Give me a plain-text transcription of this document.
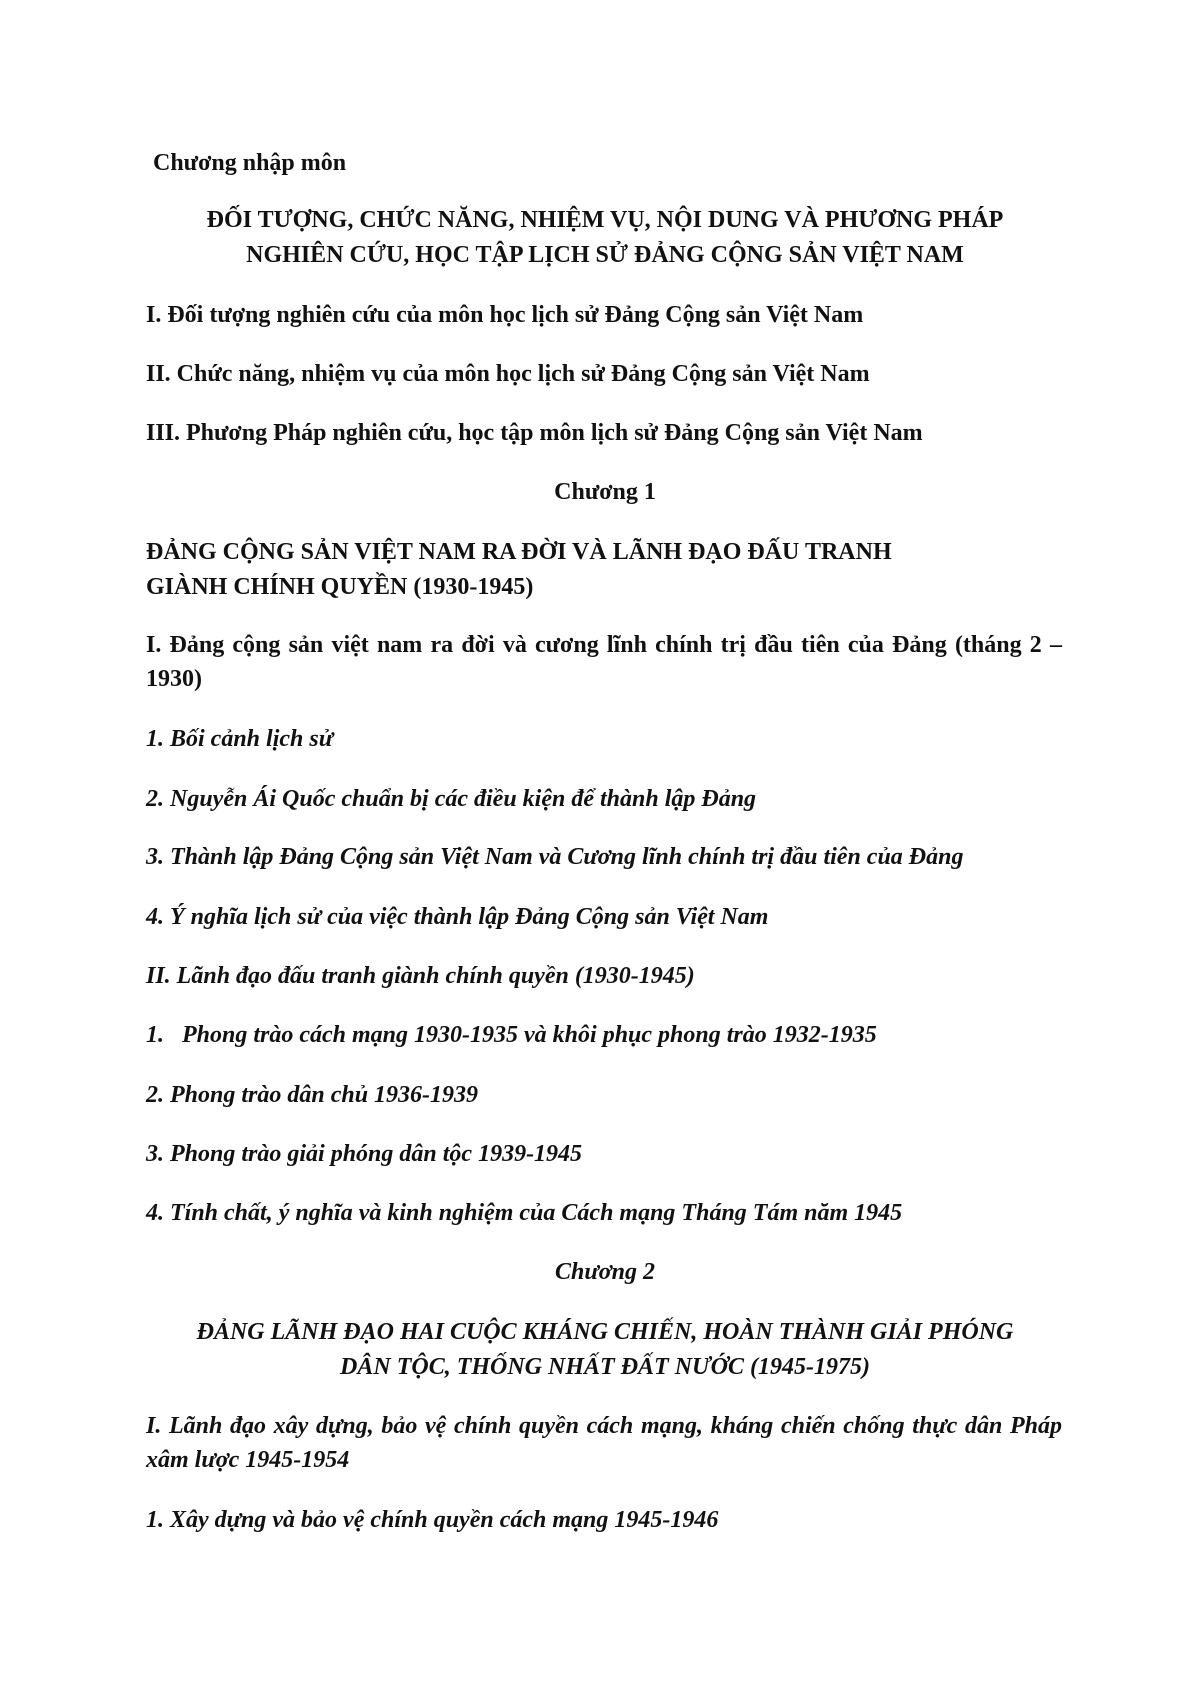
Chương nhập môn
ĐỐI TƯỢNG, CHỨC NĂNG, NHIỆM VỤ, NỘI DUNG VÀ PHƯƠNG PHÁP
NGHIÊN CỨU, HỌC TẬP LỊCH SỬ ĐẢNG CỘNG SẢN VIỆT NAM
I. Đối tượng nghiên cứu của môn học lịch sử Đảng Cộng sản Việt Nam
II. Chức năng, nhiệm vụ của môn học lịch sử Đảng Cộng sản Việt Nam
III. Phương Pháp nghiên cứu, học tập môn lịch sử Đảng Cộng sản Việt Nam
Chương 1
ĐẢNG CỘNG SẢN VIỆT NAM RA ĐỜI VÀ LÃNH ĐẠO ĐẤU TRANH
GIÀNH CHÍNH QUYỀN (1930-1945)
I. Đảng cộng sản việt nam ra đời và cương lĩnh chính trị đầu tiên của Đảng (tháng 2 – 1930)
1. Bối cảnh lịch sử
2. Nguyễn Ái Quốc chuẩn bị các điều kiện để thành lập Đảng
3. Thành lập Đảng Cộng sản Việt Nam và Cương lĩnh chính trị đầu tiên của Đảng
4. Ý nghĩa lịch sử của việc thành lập Đảng Cộng sản Việt Nam
II. Lãnh đạo đấu tranh giành chính quyền (1930-1945)
1.   Phong trào cách mạng 1930-1935 và khôi phục phong trào 1932-1935
2. Phong trào dân chủ 1936-1939
3. Phong trào giải phóng dân tộc 1939-1945
4. Tính chất, ý nghĩa và kinh nghiệm của Cách mạng Tháng Tám năm 1945
Chương 2
ĐẢNG LÃNH ĐẠO HAI CUỘC KHÁNG CHIẾN, HOÀN THÀNH GIẢI PHÓNG
DÂN TỘC, THỐNG NHẤT ĐẤT NƯỚC (1945-1975)
I. Lãnh đạo xây dựng, bảo vệ chính quyền cách mạng, kháng chiến chống thực dân Pháp xâm lược 1945-1954
1. Xây dựng và bảo vệ chính quyền cách mạng 1945-1946
